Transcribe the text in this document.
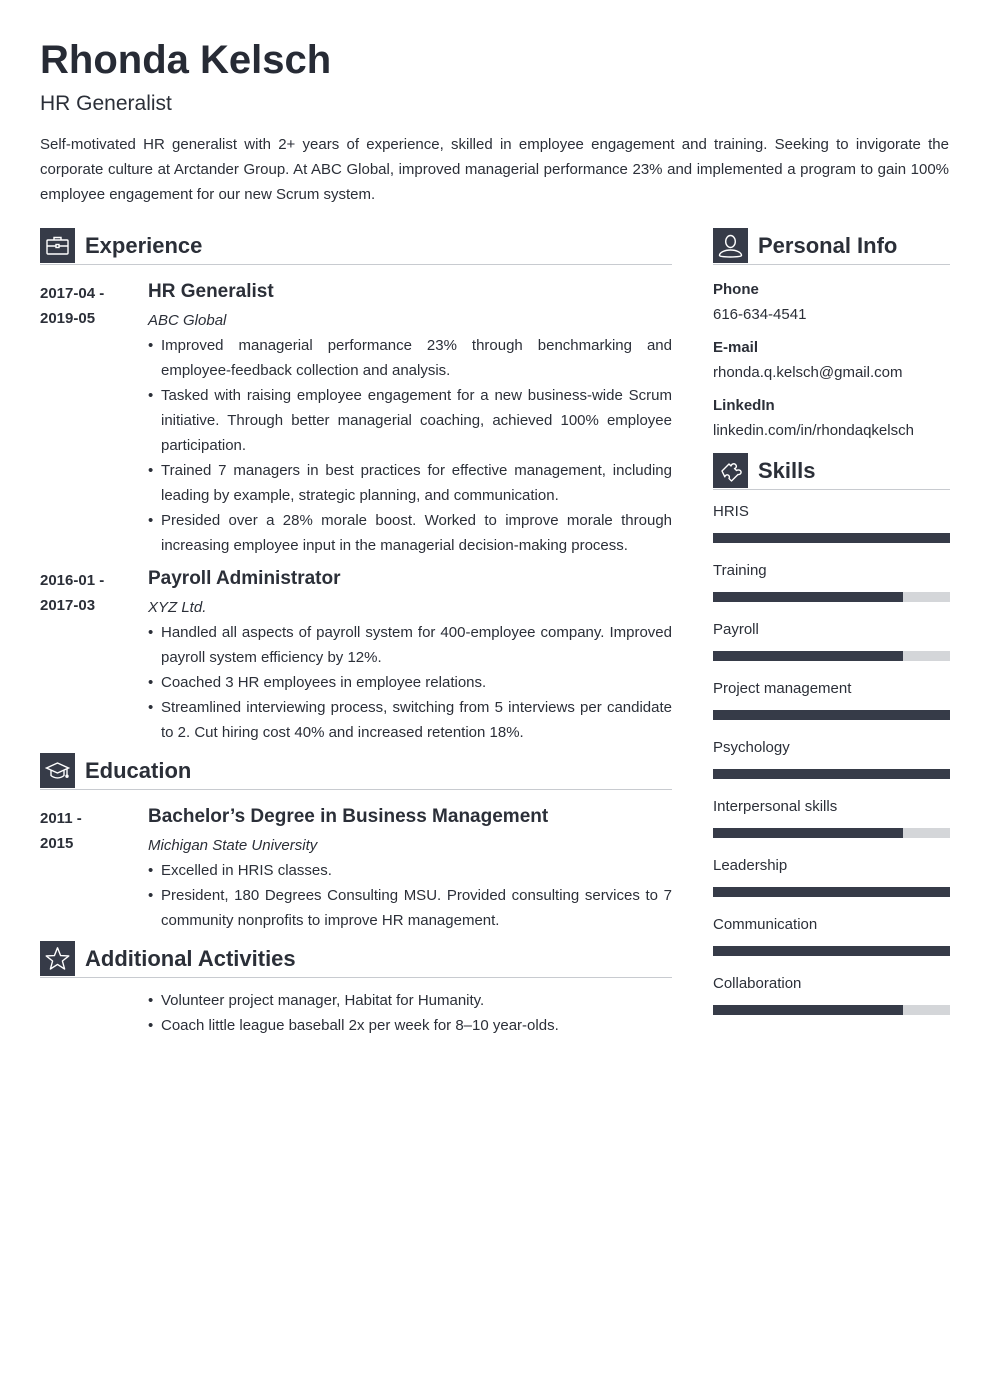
Rhonda Kelsch
HR Generalist

Self-motivated HR generalist with 2+ years of experience, skilled in employee engagement and training. Seeking to invigorate the corporate culture at Arctander Group. At ABC Global, improved managerial performance 23% and implemented a program to gain 100% employee engagement for our new Scrum system.

Experience
2017-04 -
2019-05
HR Generalist
ABC Global
• Improved managerial performance 23% through benchmarking and employee-feedback collection and analysis.
• Tasked with raising employee engagement for a new business-wide Scrum initiative. Through better managerial coaching, achieved 100% employee participation.
• Trained 7 managers in best practices for effective management, including leading by example, strategic planning, and communication.
• Presided over a 28% morale boost. Worked to improve morale through increasing employee input in the managerial decision-making process.
2016-01 -
2017-03
Payroll Administrator
XYZ Ltd.
• Handled all aspects of payroll system for 400-employee company. Improved payroll system efficiency by 12%.
• Coached 3 HR employees in employee relations.
• Streamlined interviewing process, switching from 5 interviews per candidate to 2. Cut hiring cost 40% and increased retention 18%.
Education
2011 -
2015
Bachelor’s Degree in Business Management
Michigan State University
• Excelled in HRIS classes.
• President, 180 Degrees Consulting MSU. Provided consulting services to 7 community nonprofits to improve HR management.
Additional Activities
• Volunteer project manager, Habitat for Humanity.
• Coach little league baseball 2x per week for 8–10 year-olds.
Personal Info
Phone
616-634-4541
E-mail
rhonda.q.kelsch@gmail.com
LinkedIn
linkedin.com/in/rhondaqkelsch
Skills
HRIS
Training
Payroll
Project management
Psychology
Interpersonal skills
Leadership
Communication
Collaboration
